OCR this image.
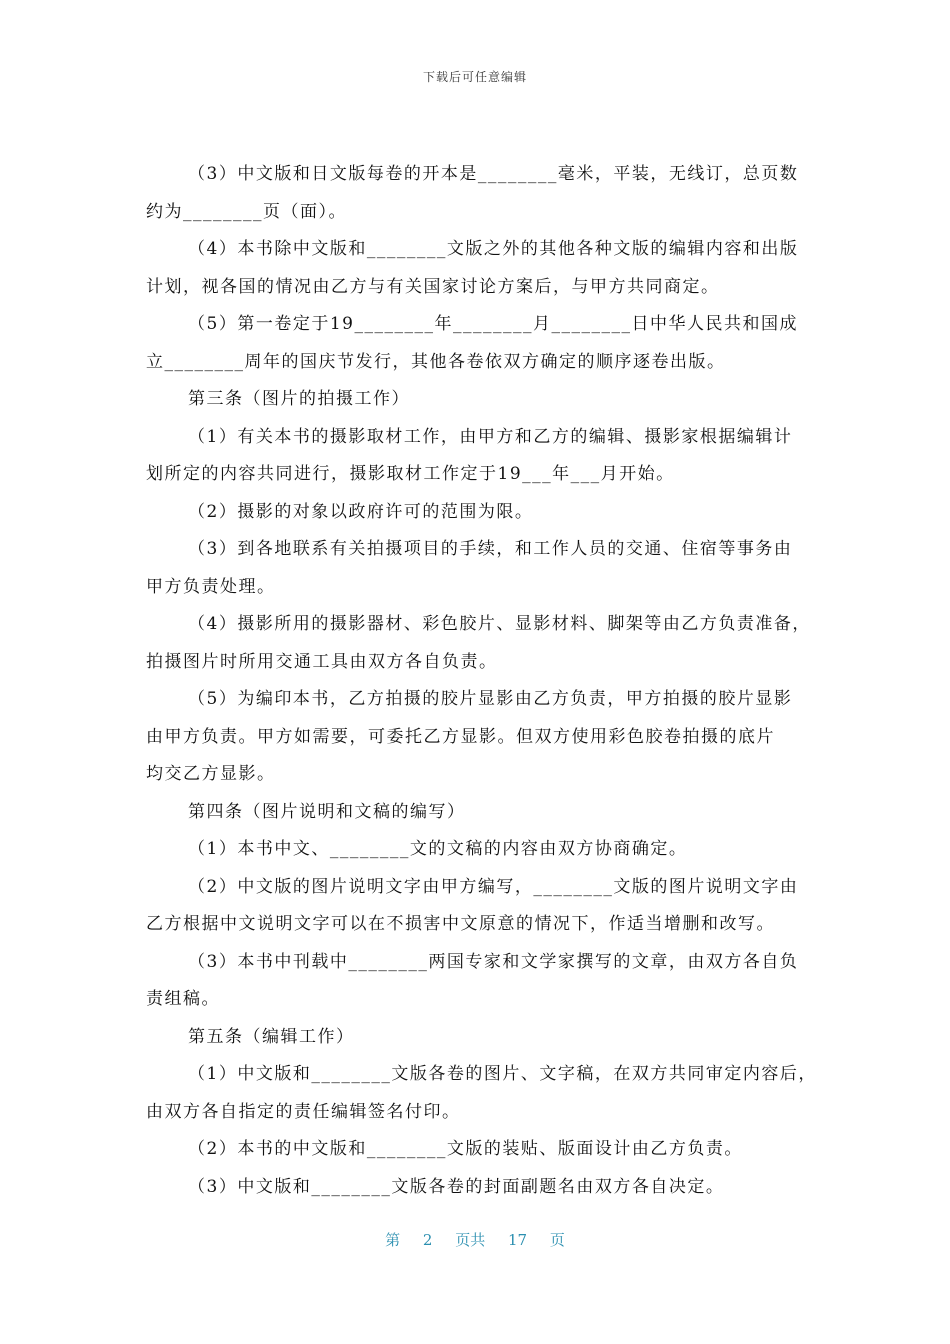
下载后可任意编辑
（3）中文版和日文版每卷的开本是________毫米，平装，无线订，总页数
约为________页（面）。
（4）本书除中文版和________文版之外的其他各种文版的编辑内容和出版
计划，视各国的情况由乙方与有关国家讨论方案后，与甲方共同商定。
（5）第一卷定于19________年________月________日中华人民共和国成
立________周年的国庆节发行，其他各卷依双方确定的顺序逐卷出版。
第三条（图片的拍摄工作）
（1）有关本书的摄影取材工作，由甲方和乙方的编辑、摄影家根据编辑计
划所定的内容共同进行，摄影取材工作定于19___年___月开始。
（2）摄影的对象以政府许可的范围为限。
（3）到各地联系有关拍摄项目的手续，和工作人员的交通、住宿等事务由
甲方负责处理。
（4）摄影所用的摄影器材、彩色胶片、显影材料、脚架等由乙方负责准备，
拍摄图片时所用交通工具由双方各自负责。
（5）为编印本书，乙方拍摄的胶片显影由乙方负责，甲方拍摄的胶片显影
由甲方负责。甲方如需要，可委托乙方显影。但双方使用彩色胶卷拍摄的底片
均交乙方显影。
第四条（图片说明和文稿的编写）
（1）本书中文、________文的文稿的内容由双方协商确定。
（2）中文版的图片说明文字由甲方编写，________文版的图片说明文字由
乙方根据中文说明文字可以在不损害中文原意的情况下，作适当增删和改写。
（3）本书中刊载中________两国专家和文学家撰写的文章，由双方各自负
责组稿。
第五条（编辑工作）
（1）中文版和________文版各卷的图片、文字稿，在双方共同审定内容后，
由双方各自指定的责任编辑签名付印。
（2）本书的中文版和________文版的装贴、版面设计由乙方负责。
（3）中文版和________文版各卷的封面副题名由双方各自决定。
第 2 页共 17 页
